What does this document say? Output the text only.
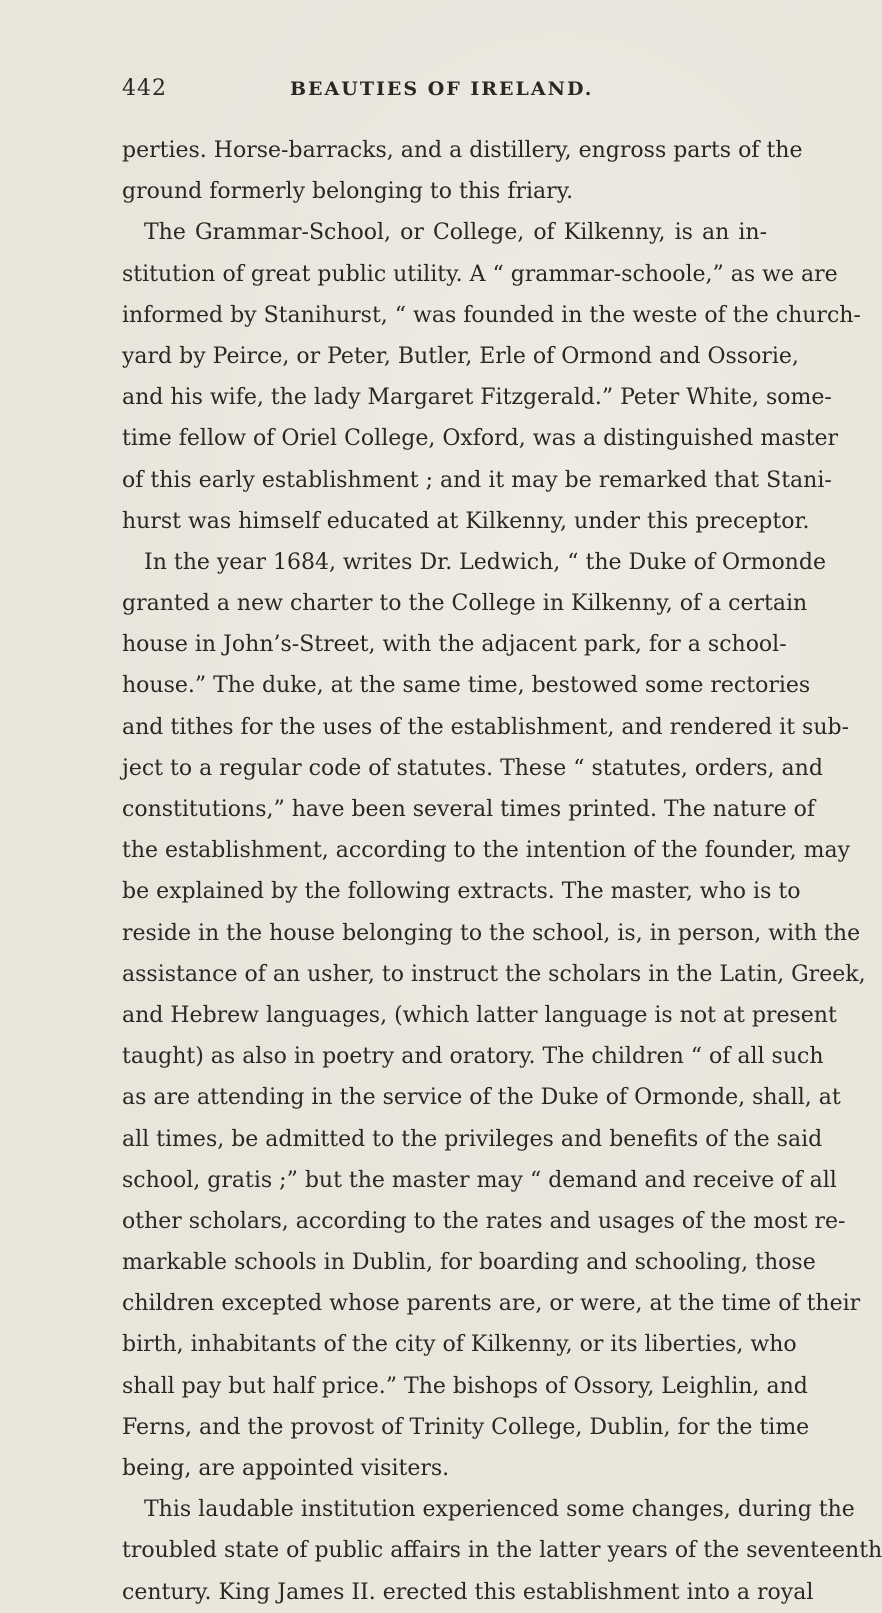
442	BEAUTIES OF IRELAND.
perties. Horse-barracks, and a distillery, engross parts of the
ground formerly belonging to this friary.
The Grammar-School, or College, of Kilkenny, is an in-
stitution of great public utility. A “ grammar-schoole,” as we are
informed by Stanihurst, “ was founded in the weste of the church-
yard by Peirce, or Peter, Butler, Erle of Ormond and Ossorie,
and his wife, the lady Margaret Fitzgerald.” Peter White, some-
time fellow of Oriel College, Oxford, was a distinguished master
of this early establishment ; and it may be remarked that Stani-
hurst was himself educated at Kilkenny, under this preceptor.
In the year 1684, writes Dr. Ledwich, “ the Duke of Ormonde
granted a new charter to the College in Kilkenny, of a certain
house in John’s-Street, with the adjacent park, for a school-
house.” The duke, at the same time, bestowed some rectories
and tithes for the uses of the establishment, and rendered it sub-
ject to a regular code of statutes. These “ statutes, orders, and
constitutions,” have been several times printed. The nature of
the establishment, according to the intention of the founder, may
be explained by the following extracts. The master, who is to
reside in the house belonging to the school, is, in person, with the
assistance of an usher, to instruct the scholars in the Latin, Greek,
and Hebrew languages, (which latter language is not at present
taught) as also in poetry and oratory. The children “ of all such
as are attending in the service of the Duke of Ormonde, shall, at
all times, be admitted to the privileges and benefits of the said
school, gratis ;” but the master may “ demand and receive of all
other scholars, according to the rates and usages of the most re-
markable schools in Dublin, for boarding and schooling, those
children excepted whose parents are, or were, at the time of their
birth, inhabitants of the city of Kilkenny, or its liberties, who
shall pay but half price.” The bishops of Ossory, Leighlin, and
Ferns, and the provost of Trinity College, Dublin, for the time
being, are appointed visiters.
This laudable institution experienced some changes, during the
troubled state of public affairs in the latter years of the seventeenth
century. King James II. erected this establishment into a royal
